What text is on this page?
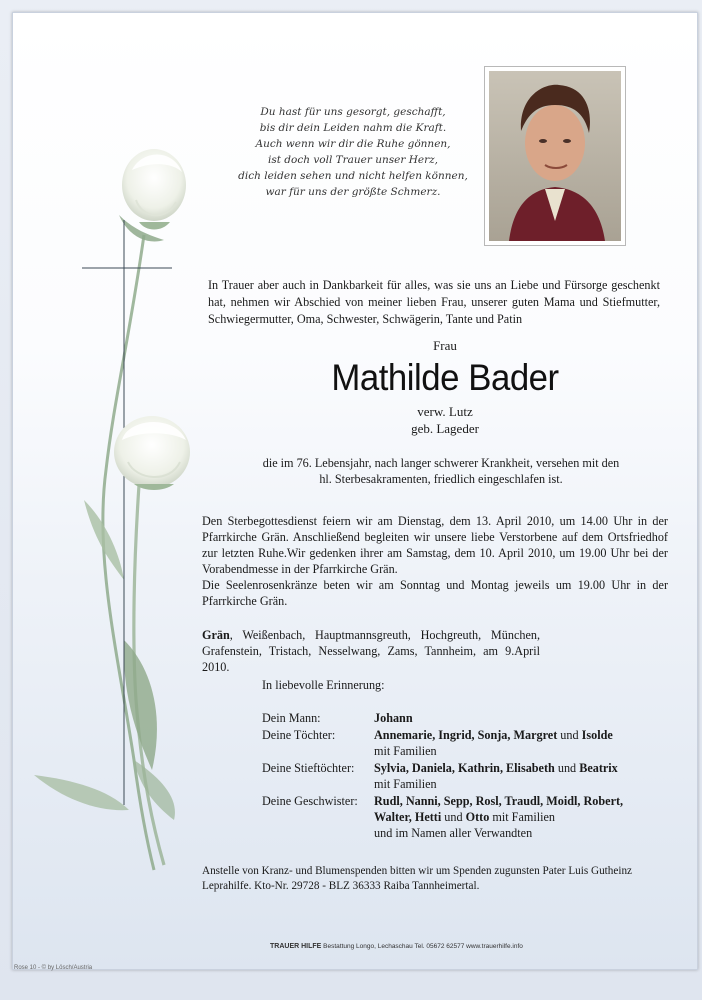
Du hast für uns gesorgt, geschafft,
bis dir dein Leiden nahm die Kraft.
Auch wenn wir dir die Ruhe gönnen,
ist doch voll Trauer unser Herz,
dich leiden sehen und nicht helfen können,
war für uns der größte Schmerz.
In Trauer aber auch in Dankbarkeit für alles, was sie uns an Liebe und Fürsorge geschenkt hat, nehmen wir Abschied von meiner lieben Frau, unserer guten Mama und Stiefmutter, Schwiegermutter, Oma, Schwester, Schwägerin, Tante und Patin
Frau
Mathilde Bader
verw. Lutz
geb. Lageder
die im 76. Lebensjahr, nach langer schwerer Krankheit, versehen mit den
hl. Sterbesakramenten, friedlich eingeschlafen ist.
Den Sterbegottesdienst feiern wir am Dienstag, dem 13. April 2010, um 14.00 Uhr in der Pfarrkirche Grän. Anschließend begleiten wir unsere liebe Verstorbene auf dem Ortsfriedhof zur letzten Ruhe.Wir gedenken ihrer am Samstag, dem 10. April 2010, um 19.00 Uhr bei der Vorabendmesse in der Pfarrkirche Grän.
Die Seelenrosenkränze beten wir am Sonntag und Montag jeweils um 19.00 Uhr in der Pfarrkirche Grän.
Grän, Weißenbach, Hauptmannsgreuth, Hochgreuth, München, Grafenstein, Tristach, Nesselwang, Zams, Tannheim, am 9.April 2010.
In liebevolle Erinnerung:
Dein Mann:	Johann
Deine Töchter:	Annemarie, Ingrid, Sonja, Margret und Isolde
mit Familien
Deine Stieftöchter:	Sylvia, Daniela, Kathrin, Elisabeth und Beatrix
mit Familien
Deine Geschwister:	Rudl, Nanni, Sepp, Rosl, Traudl, Moidl, Robert,
Walter, Hetti und Otto mit Familien
und im Namen aller Verwandten
Anstelle von Kranz- und Blumenspenden bitten wir um Spenden zugunsten Pater Luis Gutheinz Leprahilfe. Kto-Nr. 29728 - BLZ 36333 Raiba Tannheimertal.
TRAUER HILFE Bestattung Longo, Lechaschau Tel. 05672 62577 www.trauerhilfe.info
Rose 10 - © by Lösch/Austria
